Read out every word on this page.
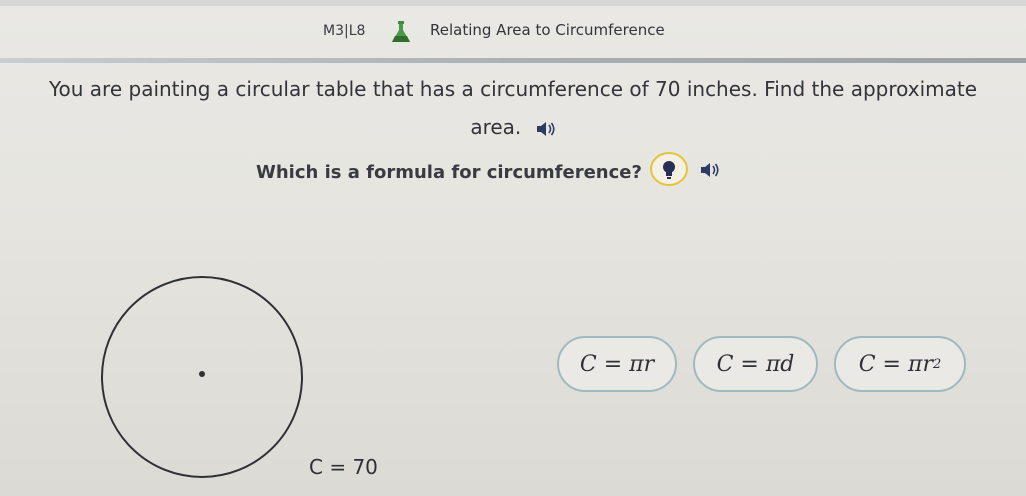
M3|L8	Relating Area to Circumference
You are painting a circular table that has a circumference of 70 inches. Find the approximate
area.
Which is a formula for circumference?
C = 70
C = πr	C = πd	C = πr 2
